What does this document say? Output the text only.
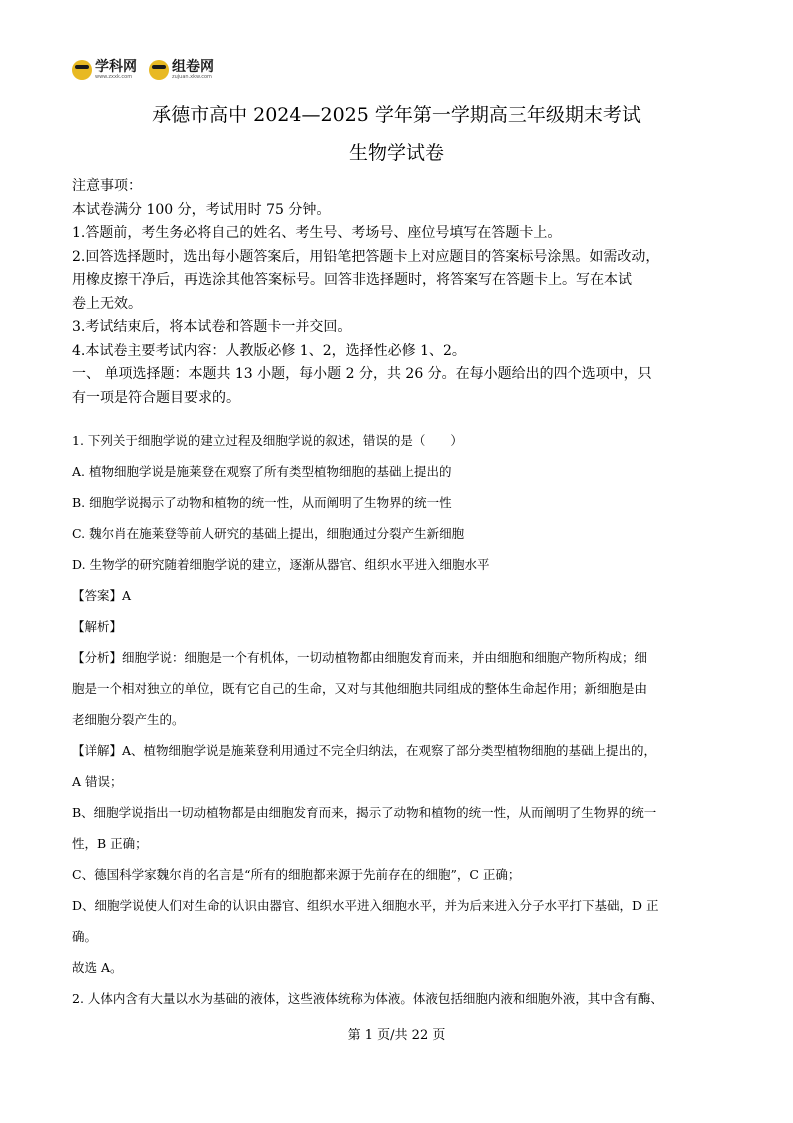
学科网
www.zxxk.com
组卷网
zujuan.xkw.com
承德市高中 2024—2025 学年第一学期高三年级期末考试
生物学试卷

注意事项：

本试卷满分 100 分，考试用时 75 分钟。

1.答题前，考生务必将自己的姓名、考生号、考场号、座位号填写在答题卡上。

2.回答选择题时，选出每小题答案后，用铅笔把答题卡上对应题目的答案标号涂黑。如需改动，

用橡皮擦干净后，再选涂其他答案标号。回答非选择题时，将答案写在答题卡上。写在本试

卷上无效。

3.考试结束后，将本试卷和答题卡一并交回。

4.本试卷主要考试内容：人教版必修 1、2，选择性必修 1、2。

一、 单项选择题：本题共 13 小题，每小题 2 分，共 26 分。在每小题给出的四个选项中，只

有一项是符合题目要求的。

1. 下列关于细胞学说的建立过程及细胞学说的叙述，错误的是（　　）

A. 植物细胞学说是施莱登在观察了所有类型植物细胞的基础上提出的

B. 细胞学说揭示了动物和植物的统一性，从而阐明了生物界的统一性

C. 魏尔肖在施莱登等前人研究的基础上提出，细胞通过分裂产生新细胞

D. 生物学的研究随着细胞学说的建立，逐渐从器官、组织水平进入细胞水平

【答案】A

【解析】

【分析】细胞学说：细胞是一个有机体，一切动植物都由细胞发育而来，并由细胞和细胞产物所构成；细

胞是一个相对独立的单位，既有它自己的生命，又对与其他细胞共同组成的整体生命起作用；新细胞是由

老细胞分裂产生的。

【详解】A、植物细胞学说是施莱登利用通过不完全归纳法，在观察了部分类型植物细胞的基础上提出的，

A 错误；

B、细胞学说指出一切动植物都是由细胞发育而来，揭示了动物和植物的统一性，从而阐明了生物界的统一

性，B 正确；

C、德国科学家魏尔肖的名言是“所有的细胞都来源于先前存在的细胞”，C 正确；

D、细胞学说使人们对生命的认识由器官、组织水平进入细胞水平，并为后来进入分子水平打下基础，D 正

确。

故选 A。

2. 人体内含有大量以水为基础的液体，这些液体统称为体液。体液包括细胞内液和细胞外液，其中含有酶、

第 1 页/共 22 页
